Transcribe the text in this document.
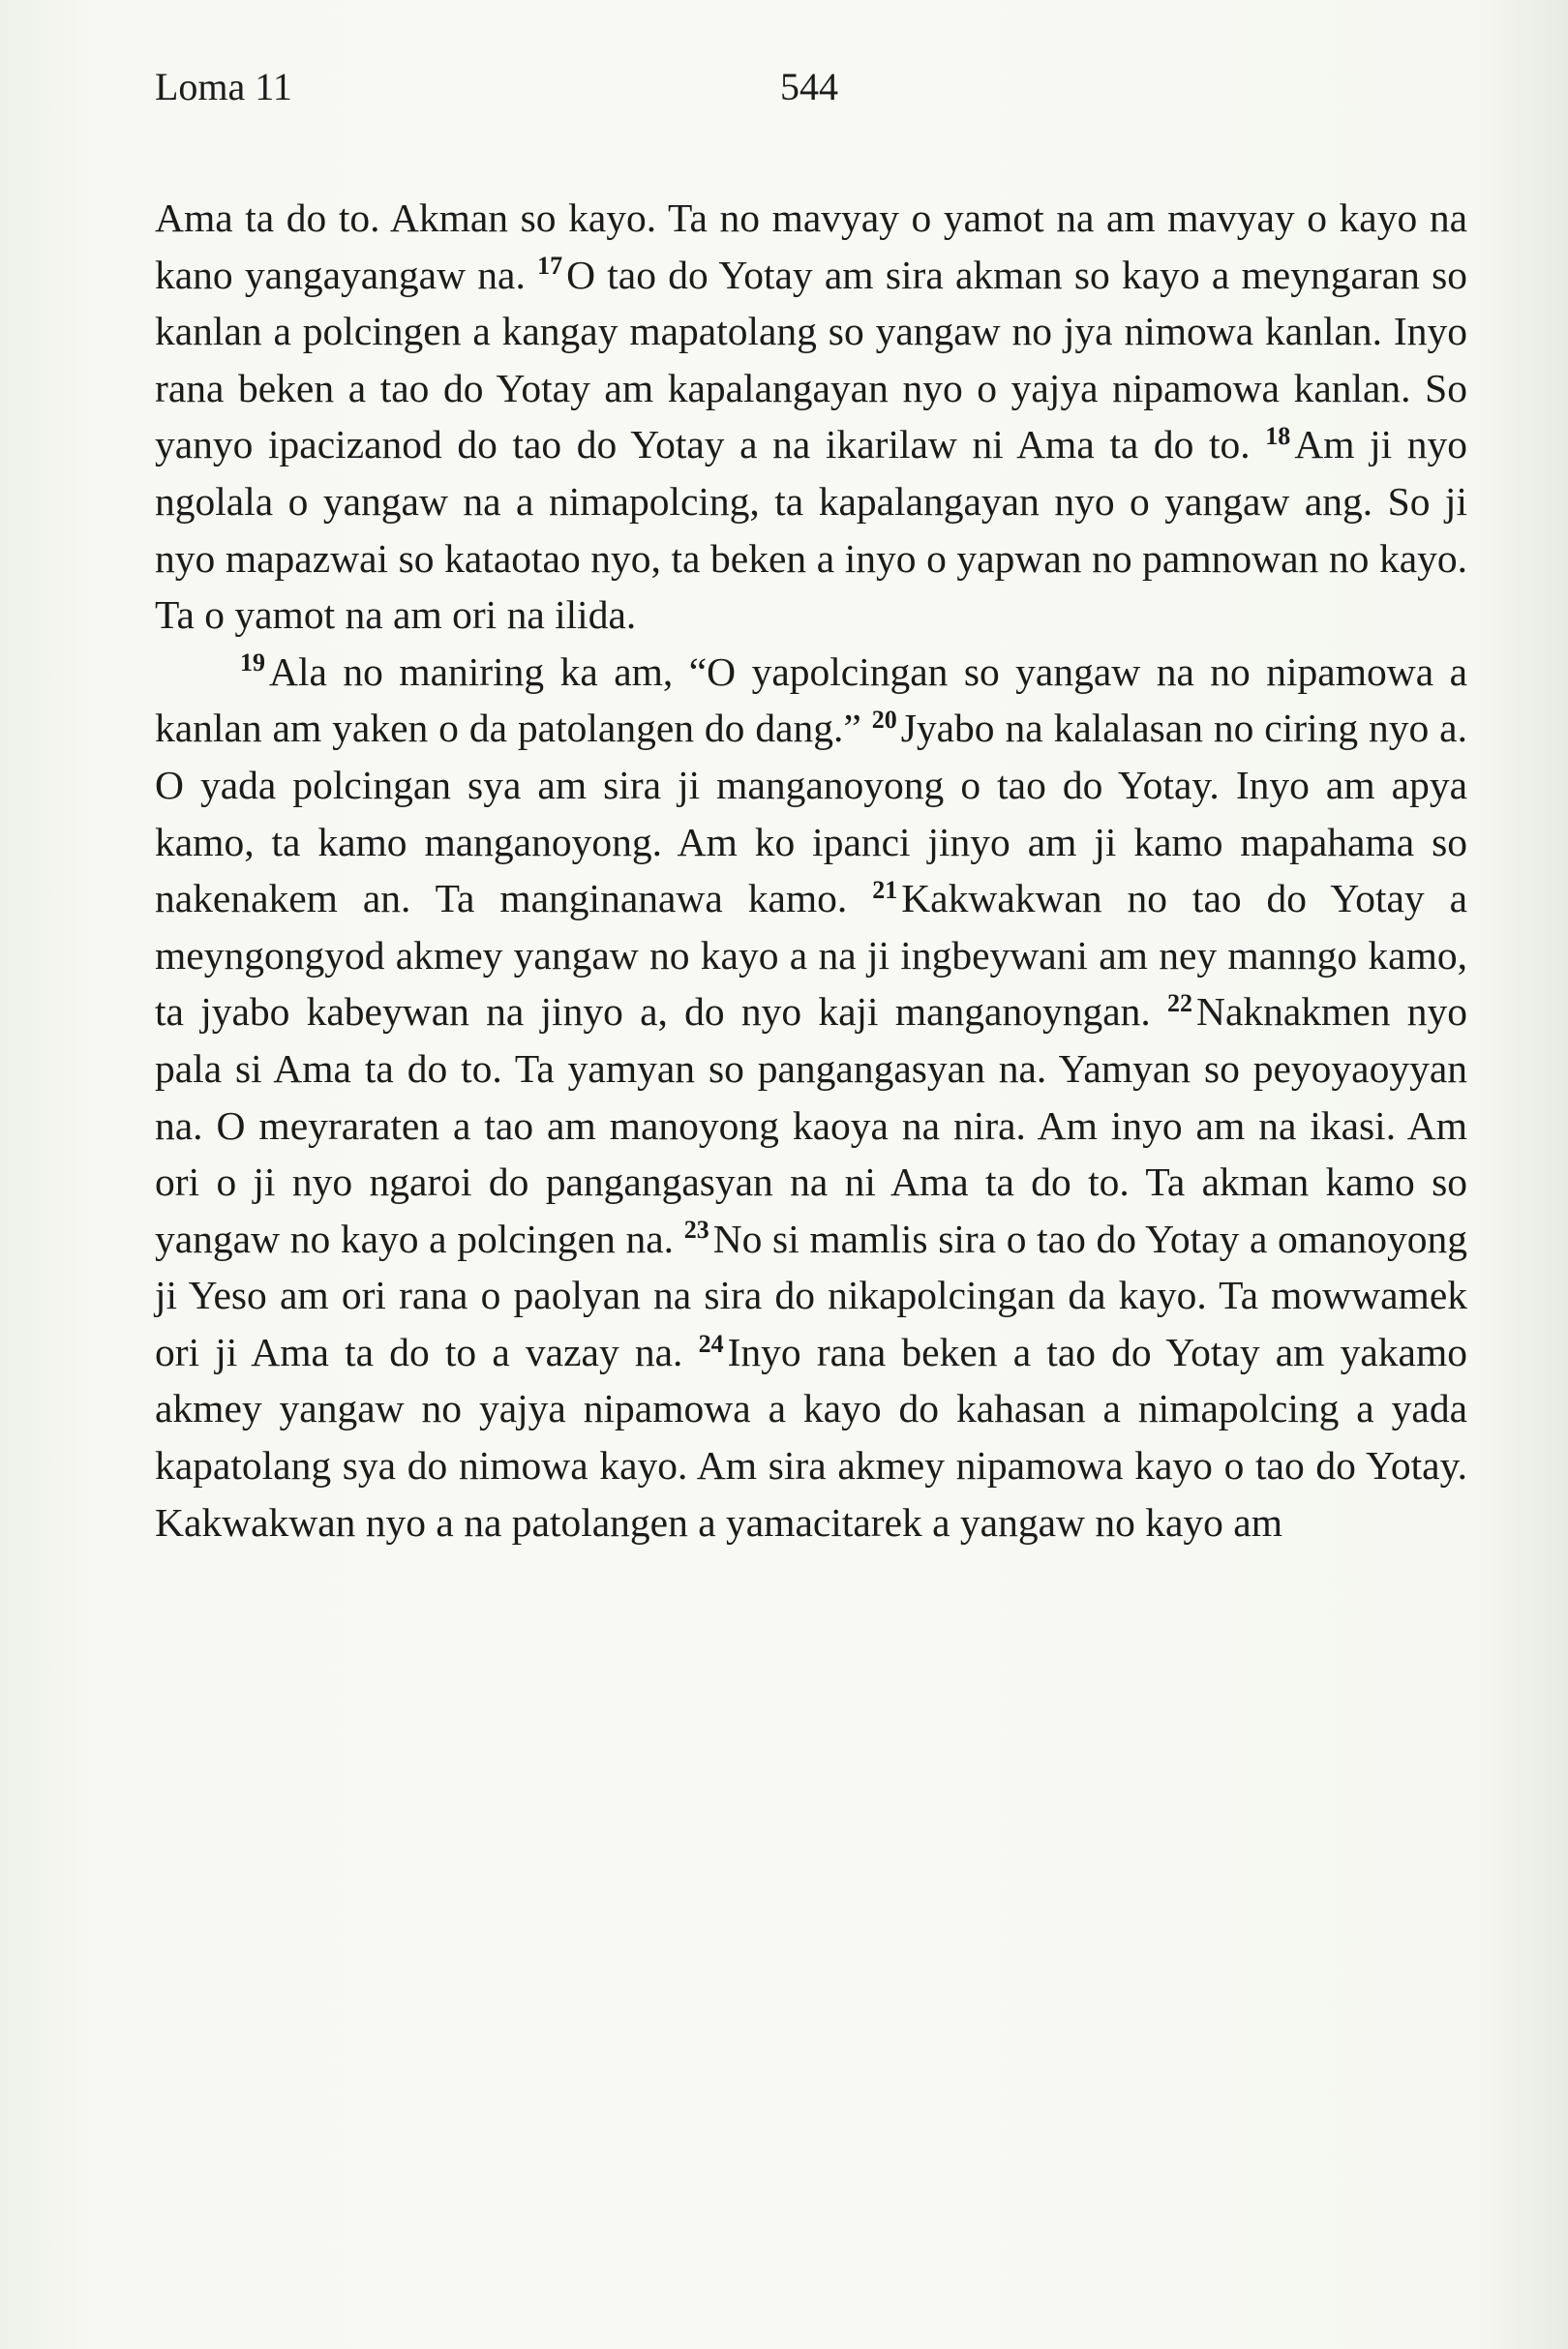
Loma 11	544

Ama ta do to. Akman so kayo. Ta no mavyay o yamot na am mavyay o kayo na kano yangayangaw na. $^{17}$O tao do Yotay am sira akman so kayo a meyngaran so kanlan a polcingen a kangay mapatolang so yangaw no jya nimowa kanlan. Inyo rana beken a tao do Yotay am kapalangayan nyo o yajya nipamowa kanlan. So yanyo ipacizanod do tao do Yotay a na ikarilaw ni Ama ta do to. $^{18}$Am ji nyo ngolala o yangaw na a nimapolcing, ta kapalangayan nyo o yangaw ang. So ji nyo mapazwai so kataotao nyo, ta beken a inyo o yapwan no pamnowan no kayo. Ta o yamot na am ori na ilida.

$^{19}$Ala no maniring ka am, “O yapolcingan so yangaw na no nipamowa a kanlan am yaken o da patolangen do dang.” $^{20}$Jyabo na kalalasan no ciring nyo a. O yada polcingan sya am sira ji manganoyong o tao do Yotay. Inyo am apya kamo, ta kamo manganoyong. Am ko ipanci jinyo am ji kamo mapahama so nakenakem an. Ta manginanawa kamo. $^{21}$Kakwakwan no tao do Yotay a meyngongyod akmey yangaw no kayo a na ji ingbeywani am ney manngo kamo, ta jyabo kabeywan na jinyo a, do nyo kaji manganoyngan. $^{22}$Naknakmen nyo pala si Ama ta do to. Ta yamyan so pangangasyan na. Yamyan so peyoyaoyyan na. O meyraraten a tao am manoyong kaoya na nira. Am inyo am na ikasi. Am ori o ji nyo ngaroi do pangangasyan na ni Ama ta do to. Ta akman kamo so yangaw no kayo a polcingen na. $^{23}$No si mamlis sira o tao do Yotay a omanoyong ji Yeso am ori rana o paolyan na sira do nikapolcingan da kayo. Ta mowwamek ori ji Ama ta do to a vazay na. $^{24}$Inyo rana beken a tao do Yotay am yakamo akmey yangaw no yajya nipamowa a kayo do kahasan a nimapolcing a yada kapatolang sya do nimowa kayo. Am sira akmey nipamowa kayo o tao do Yotay. Kakwakwan nyo a na patolangen a yamacitarek a yangaw no kayo am
